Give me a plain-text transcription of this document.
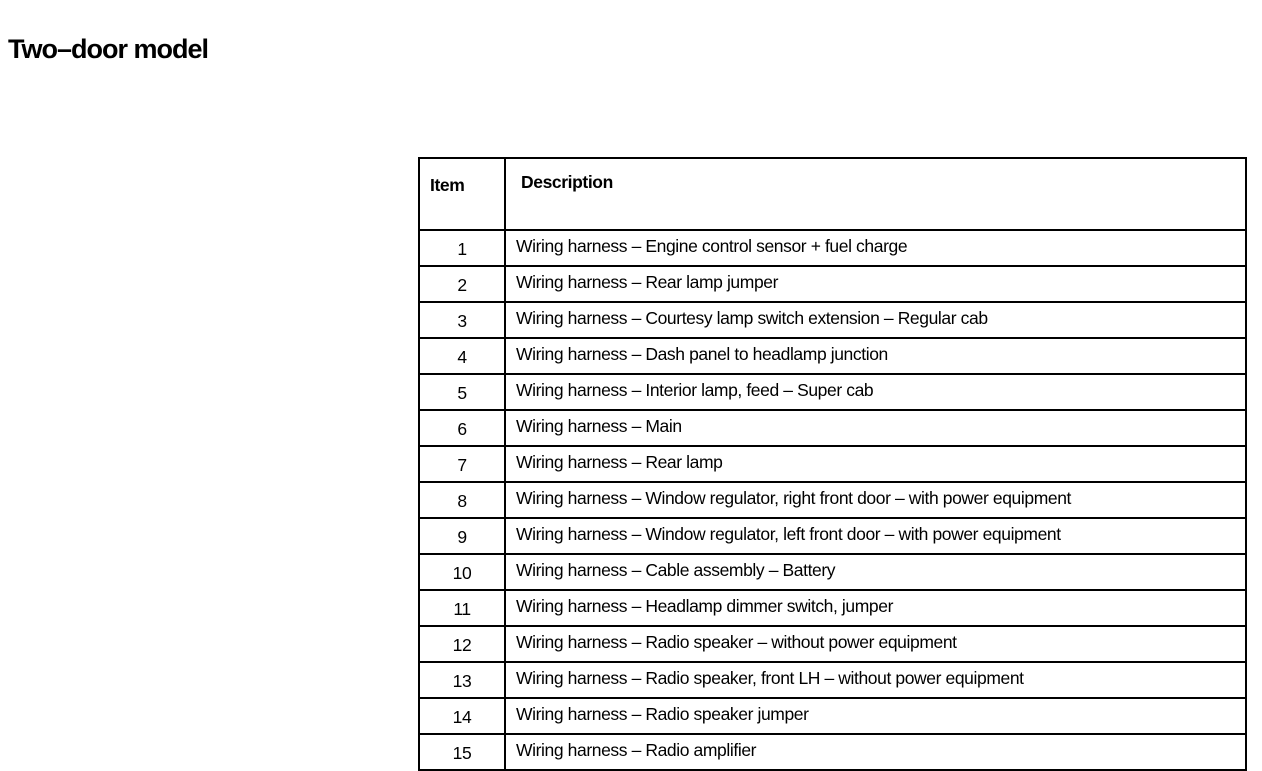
Two–door model
Item	Description
1	Wiring harness – Engine control sensor + fuel charge
2	Wiring harness – Rear lamp jumper
3	Wiring harness – Courtesy lamp switch extension – Regular cab
4	Wiring harness – Dash panel to headlamp junction
5	Wiring harness – Interior lamp, feed – Super cab
6	Wiring harness – Main
7	Wiring harness – Rear lamp
8	Wiring harness – Window regulator, right front door – with power equipment
9	Wiring harness – Window regulator, left front door – with power equipment
10	Wiring harness – Cable assembly – Battery
11	Wiring harness – Headlamp dimmer switch, jumper
12	Wiring harness – Radio speaker – without power equipment
13	Wiring harness – Radio speaker, front LH – without power equipment
14	Wiring harness – Radio speaker jumper
15	Wiring harness – Radio amplifier
